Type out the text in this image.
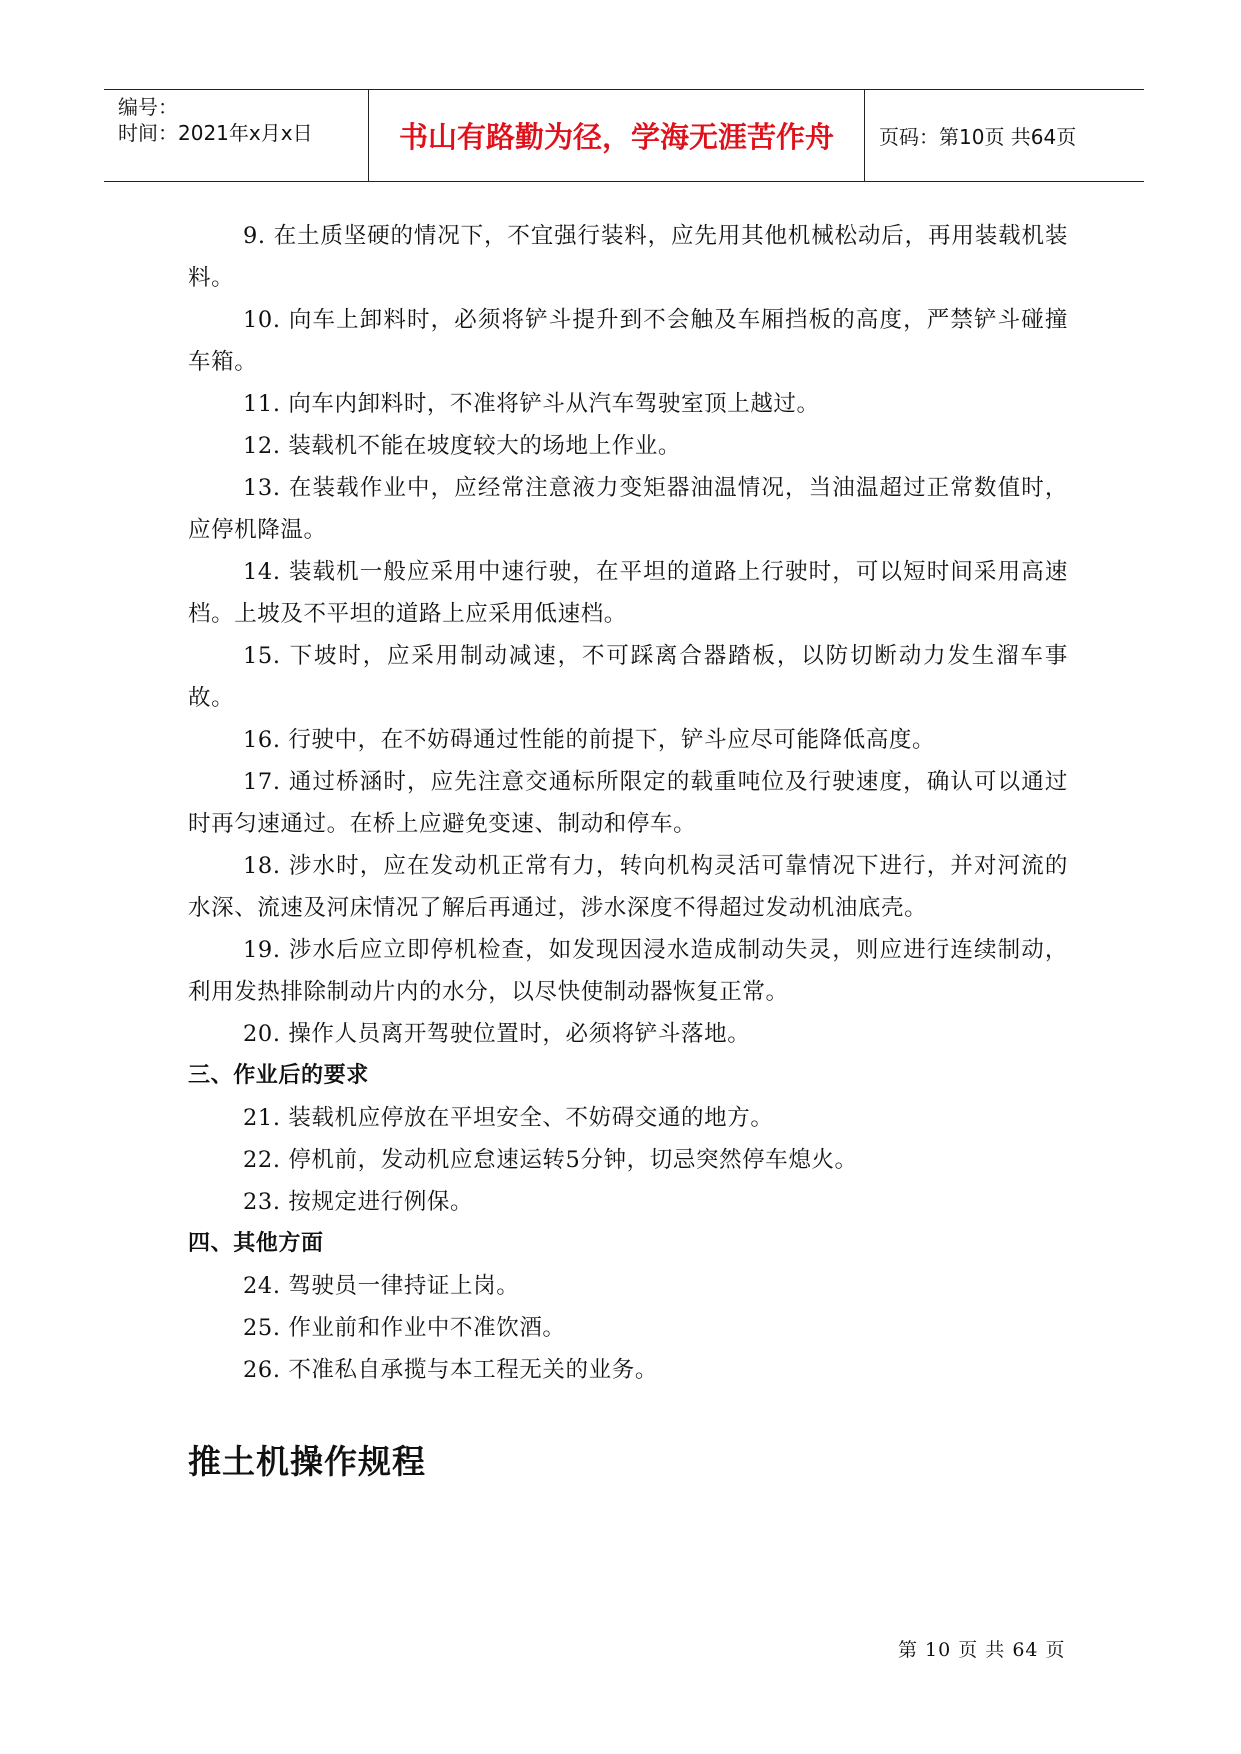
编号：
时间：2021年x月x日	书山有路勤为径，学海无涯苦作舟	页码：第10页 共64页

9. 在土质坚硬的情况下，不宜强行装料，应先用其他机械松动后，再用装载机装料。

10. 向车上卸料时，必须将铲斗提升到不会触及车厢挡板的高度，严禁铲斗碰撞车箱。

11. 向车内卸料时，不准将铲斗从汽车驾驶室顶上越过。

12. 装载机不能在坡度较大的场地上作业。

13. 在装载作业中，应经常注意液力变矩器油温情况，当油温超过正常数值时，应停机降温。

14. 装载机一般应采用中速行驶，在平坦的道路上行驶时，可以短时间采用高速档。上坡及不平坦的道路上应采用低速档。

15. 下坡时，应采用制动减速，不可踩离合器踏板，以防切断动力发生溜车事故。

16. 行驶中，在不妨碍通过性能的前提下，铲斗应尽可能降低高度。

17. 通过桥涵时，应先注意交通标所限定的载重吨位及行驶速度，确认可以通过时再匀速通过。在桥上应避免变速、制动和停车。

18. 涉水时，应在发动机正常有力，转向机构灵活可靠情况下进行，并对河流的水深、流速及河床情况了解后再通过，涉水深度不得超过发动机油底壳。

19. 涉水后应立即停机检查，如发现因浸水造成制动失灵，则应进行连续制动，利用发热排除制动片内的水分，以尽快使制动器恢复正常。

20. 操作人员离开驾驶位置时，必须将铲斗落地。

三、作业后的要求

21. 装载机应停放在平坦安全、不妨碍交通的地方。

22. 停机前，发动机应怠速运转5分钟，切忌突然停车熄火。

23. 按规定进行例保。

四、其他方面

24. 驾驶员一律持证上岗。

25. 作业前和作业中不准饮酒。

26. 不准私自承揽与本工程无关的业务。

推土机操作规程
第 10 页 共 64 页
